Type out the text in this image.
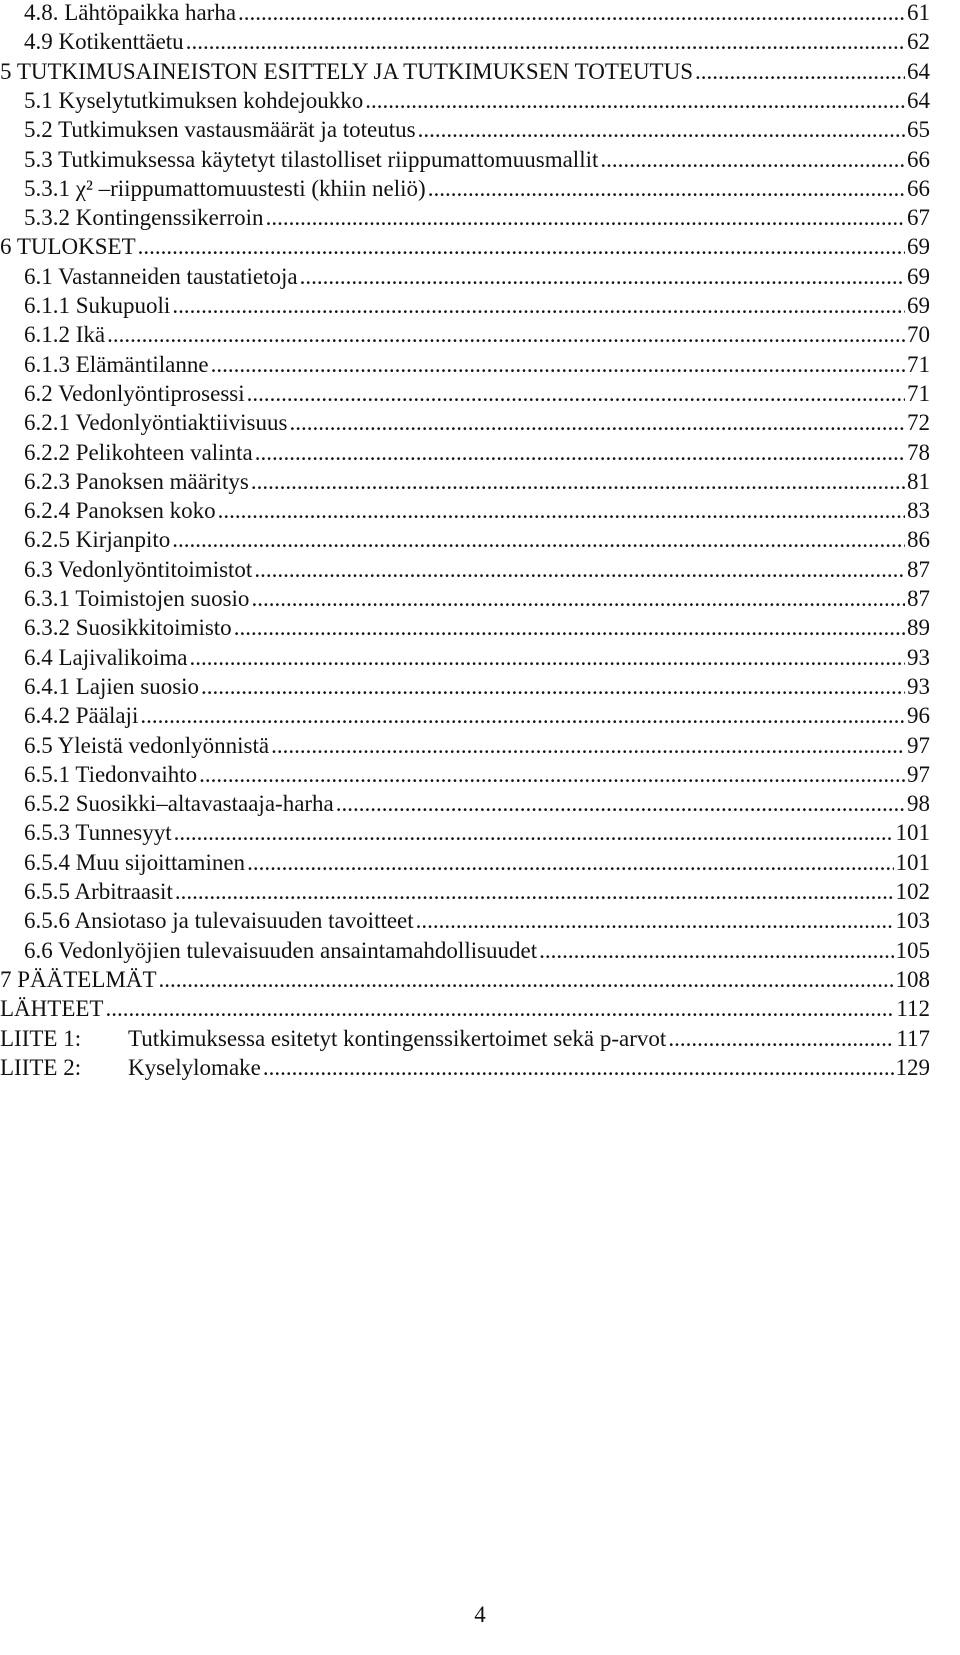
4.8. Lähtöpaikka harha .....	61
4.9 Kotikenttäetu .....	62
5 TUTKIMUSAINEISTON ESITTELY JA TUTKIMUKSEN TOTEUTUS .....	64
5.1 Kyselytutkimuksen kohdejoukko .....	64
5.2 Tutkimuksen vastausmäärät ja toteutus .....	65
5.3 Tutkimuksessa käytetyt tilastolliset riippumattomuusmallit .....	66
5.3.1 χ² –riippumattomuustesti (khiin neliö) .....	66
5.3.2 Kontingenssikerroin .....	67
6 TULOKSET .....	69
6.1 Vastanneiden taustatietoja .....	69
6.1.1 Sukupuoli .....	69
6.1.2 Ikä .....	70
6.1.3 Elämäntilanne .....	71
6.2 Vedonlyöntiprosessi .....	71
6.2.1 Vedonlyöntiaktiivisuus .....	72
6.2.2 Pelikohteen valinta .....	78
6.2.3 Panoksen määritys .....	81
6.2.4 Panoksen koko .....	83
6.2.5 Kirjanpito .....	86
6.3 Vedonlyöntitoimistot .....	87
6.3.1 Toimistojen suosio .....	87
6.3.2 Suosikkitoimisto .....	89
6.4 Lajivalikoima .....	93
6.4.1 Lajien suosio .....	93
6.4.2 Päälaji .....	96
6.5 Yleistä vedonlyönnistä .....	97
6.5.1 Tiedonvaihto .....	97
6.5.2 Suosikki–altavastaaja-harha .....	98
6.5.3 Tunnesyyt .....	101
6.5.4 Muu sijoittaminen .....	101
6.5.5 Arbitraasit .....	102
6.5.6 Ansiotaso ja tulevaisuuden tavoitteet .....	103
6.6 Vedonlyöjien tulevaisuuden ansaintamahdollisuudet .....	105
7 PÄÄTELMÄT .....	108
LÄHTEET .....	112
LIITE 1: Tutkimuksessa esitetyt kontingenssikertoimet sekä p-arvot .....	117
LIITE 2: Kyselylomake .....	129
4
